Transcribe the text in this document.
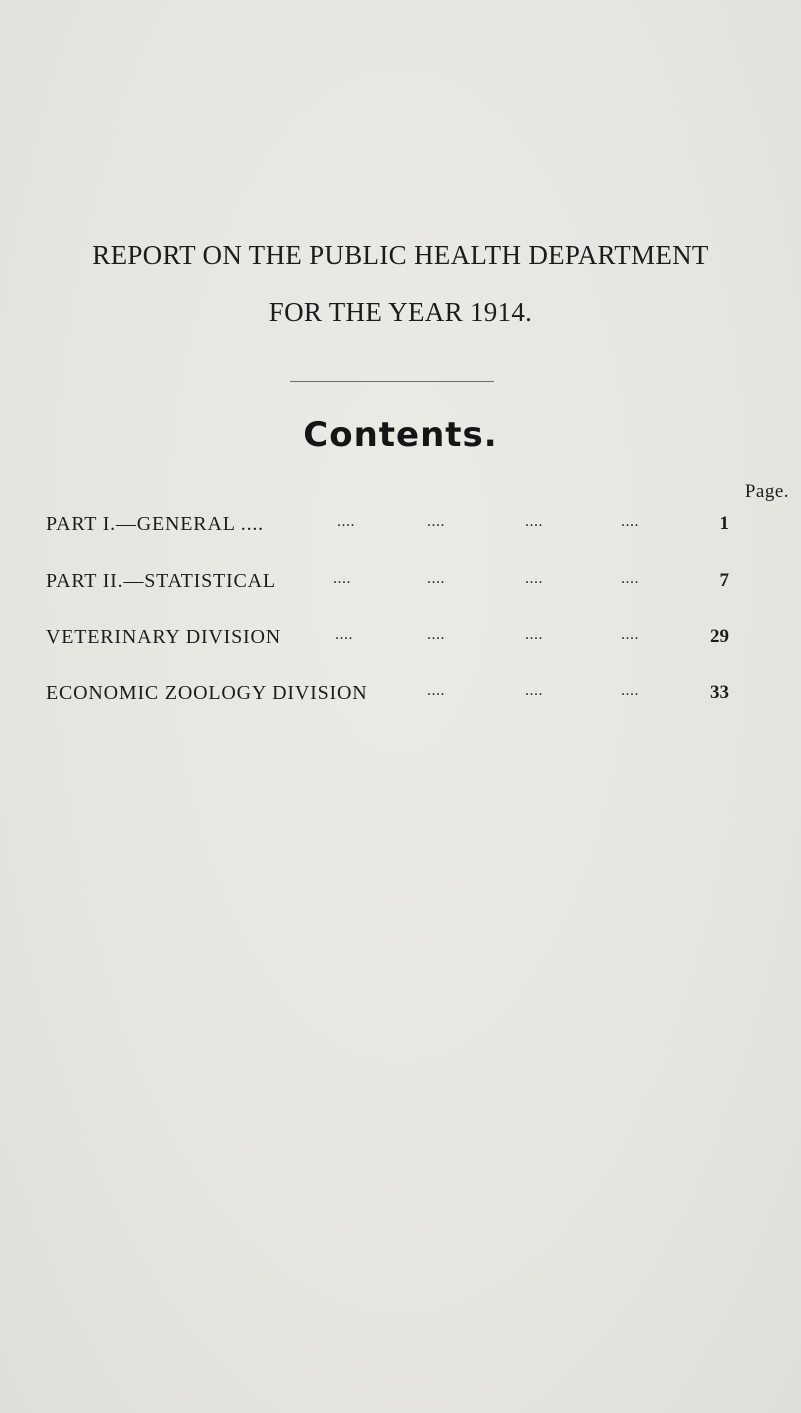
REPORT ON THE PUBLIC HEALTH DEPARTMENT
FOR THE YEAR 1914.
Contents.
Page.
PART I.—GENERAL ....	....	....	....	....	1
PART II.—STATISTICAL	....	....	....	....	7
VETERINARY DIVISION	....	....	....	....	29
ECONOMIC ZOOLOGY DIVISION	....	....	....	33
